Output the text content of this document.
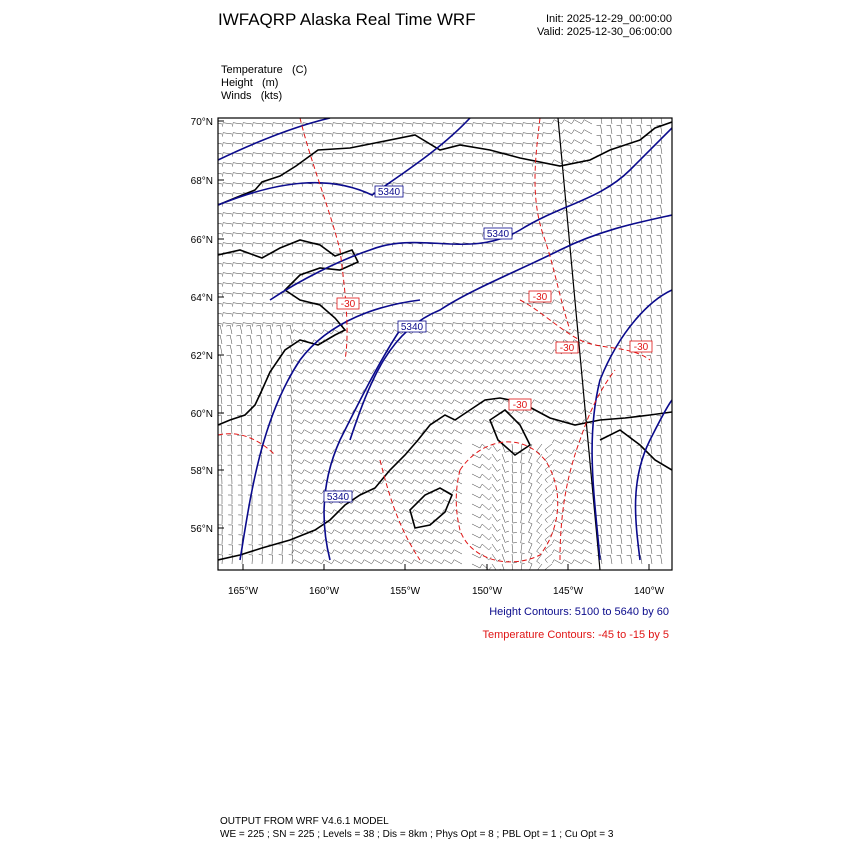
IWFAQRP Alaska Real Time WRF	Init: 2025-12-29_00:00:00
Valid: 2025-12-30_06:00:00
Temperature (C)
Height (m)
Winds (kts)
5340
5340
5340
5340
-30
-30
-30	-30
-30
70°N
68°N
66°N
64°N
62°N
60°N
58°N
56°N
165°W	160°W	155°W	150°W	145°W	140°W
Height Contours: 5100 to 5640 by 60
Temperature Contours: -45 to -15 by 5
OUTPUT FROM WRF V4.6.1 MODEL
WE = 225 ; SN = 225 ; Levels = 38 ; Dis = 8km ; Phys Opt = 8 ; PBL Opt = 1 ; Cu Opt = 3
